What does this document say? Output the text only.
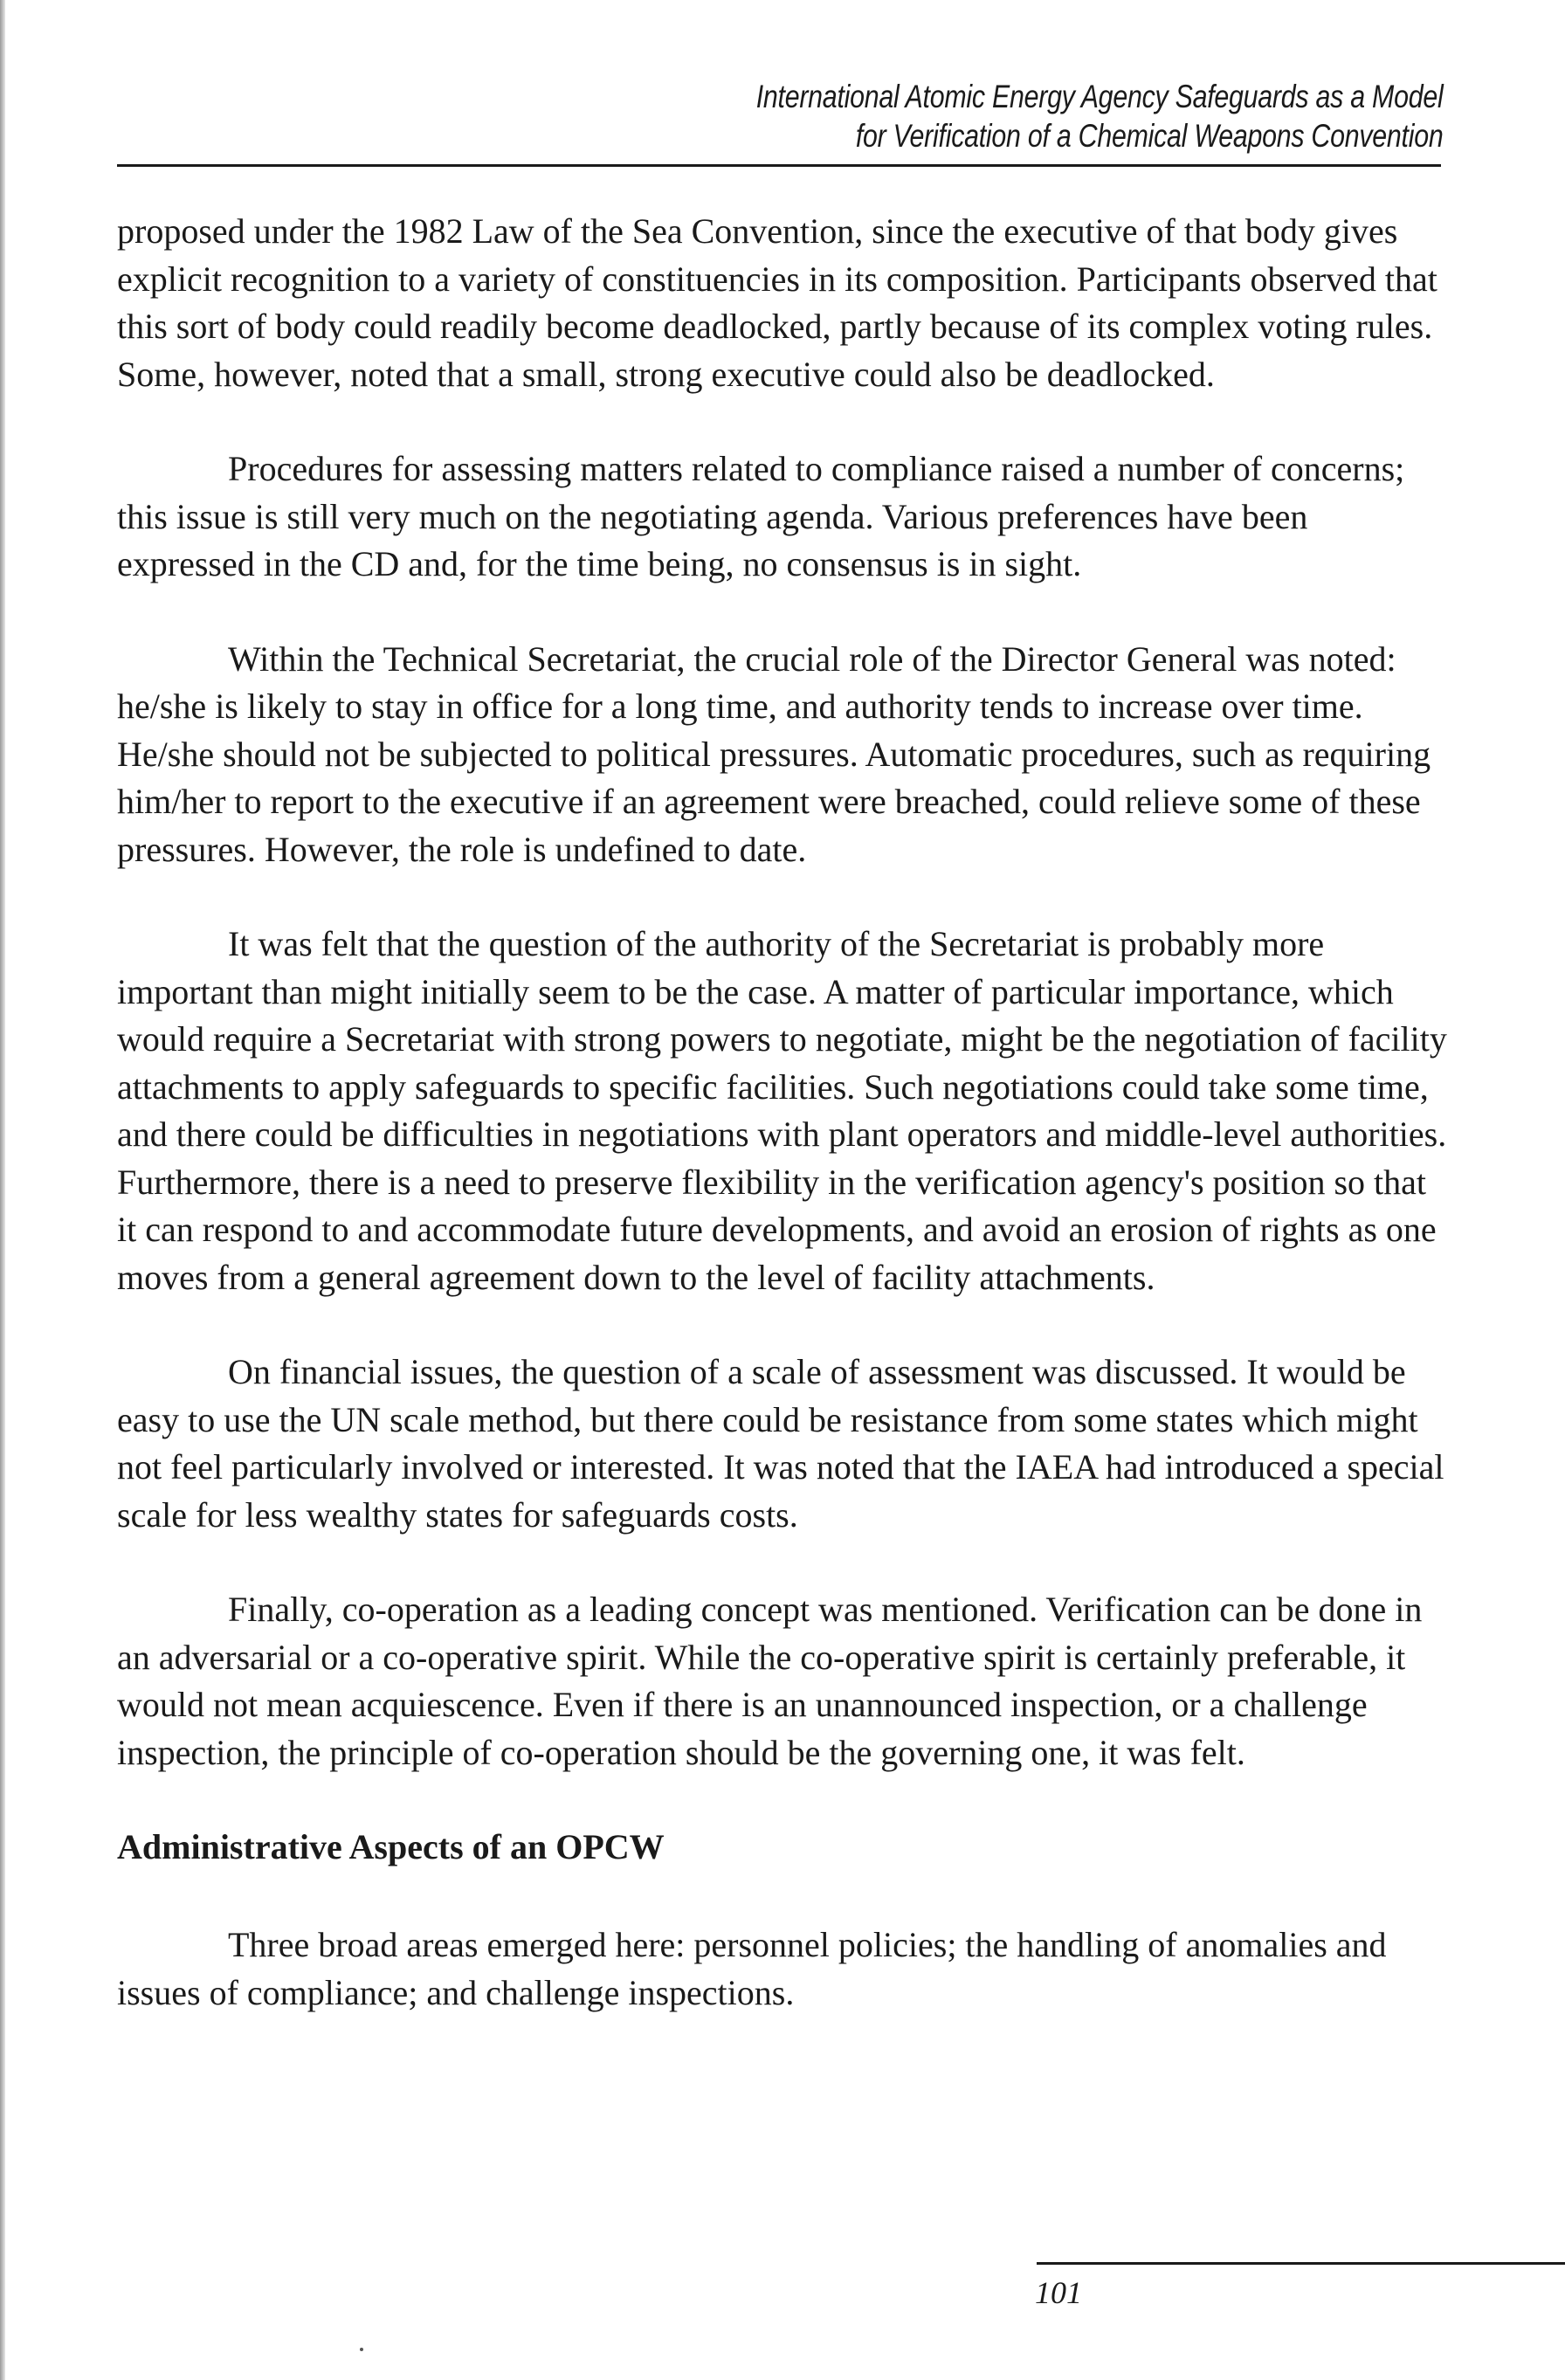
International Atomic Energy Agency Safeguards as a Model
for Verification of a Chemical Weapons Convention

proposed under the 1982 Law of the Sea Convention, since the executive of that body gives explicit recognition to a variety of constituencies in its composition. Participants observed that this sort of body could readily become deadlocked, partly because of its complex voting rules. Some, however, noted that a small, strong executive could also be deadlocked.

Procedures for assessing matters related to compliance raised a number of concerns; this issue is still very much on the negotiating agenda. Various preferences have been expressed in the CD and, for the time being, no consensus is in sight.

Within the Technical Secretariat, the crucial role of the Director General was noted: he/she is likely to stay in office for a long time, and authority tends to increase over time. He/she should not be subjected to political pressures. Automatic procedures, such as requiring him/her to report to the executive if an agreement were breached, could relieve some of these pressures. However, the role is undefined to date.

It was felt that the question of the authority of the Secretariat is probably more important than might initially seem to be the case. A matter of particular importance, which would require a Secretariat with strong powers to negotiate, might be the negotiation of facility attachments to apply safeguards to specific facilities. Such negotiations could take some time, and there could be difficulties in negotiations with plant operators and middle-level authorities. Furthermore, there is a need to preserve flexibility in the verification agency's position so that it can respond to and accommodate future developments, and avoid an erosion of rights as one moves from a general agreement down to the level of facility attachments.

On financial issues, the question of a scale of assessment was discussed. It would be easy to use the UN scale method, but there could be resistance from some states which might not feel particularly involved or interested. It was noted that the IAEA had introduced a special scale for less wealthy states for safeguards costs.

Finally, co-operation as a leading concept was mentioned. Verification can be done in an adversarial or a co-operative spirit. While the co-operative spirit is certainly preferable, it would not mean acquiescence. Even if there is an unannounced inspection, or a challenge inspection, the principle of co-operation should be the governing one, it was felt.

Administrative Aspects of an OPCW

Three broad areas emerged here: personnel policies; the handling of anomalies and issues of compliance; and challenge inspections.

101
